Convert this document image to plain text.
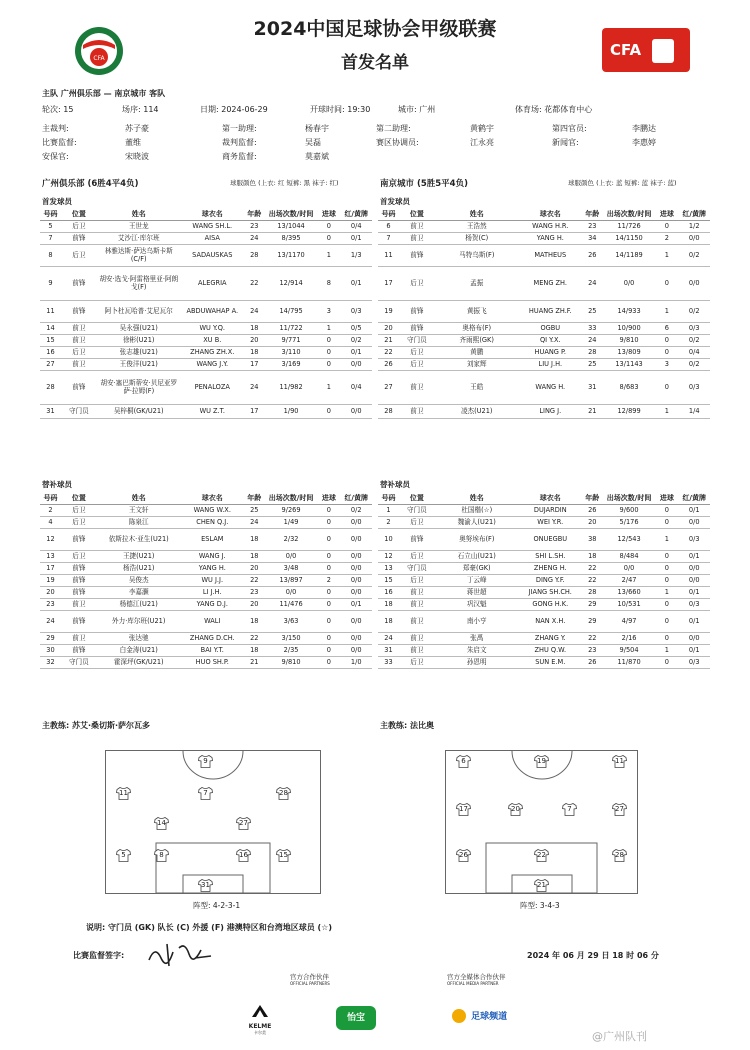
CFA
2024中国足球协会甲级联赛
首发名单
CFA
主队 广州俱乐部 — 南京城市 客队
轮次: 15	场序: 114	日期: 2024-06-29	开球时间: 19:30	城市: 广州	体育场: 花都体育中心
主裁判:	苏子豪	第一助理:	杨春宇	第二助理:	黄鹤宇	第四官员:	李鹏达
比赛监督:	董维	裁判监督:	吴磊	赛区协调员:	江永亮	新闻官:	李惠婷
安保官:	宋晓波	商务监督:	莫嘉斌
广州俱乐部 (6胜4平4负)	球服颜色 (上衣: 红 短裤: 黑 袜子: 红)	南京城市 (5胜5平4负)	球服颜色 (上衣: 蓝 短裤: 蓝 袜子: 蓝)
首发球员	首发球员
号码	位置	姓名	球衣名	年龄	出场次数/时间	进球	红/黄牌
5	后卫	王世龙	WANG SH.L.	23	13/1044	0	0/4
7	前锋	艾沙江·库尔班	AISA	24	8/395	0	0/1
8	后卫	林雅达斯·萨达乌斯卡斯(C/F)	SADAUSKAS	28	13/1170	1	1/3
9	前锋	胡安·选戈·阿雷格里亚·阿朗戈(F)	ALEGRIA	22	12/914	8	0/1
11	前锋	阿卜杜瓦哈普·艾尼瓦尔	ABDUWAHAP A.	24	14/795	3	0/3
14	前卫	吴永强(U21)	WU Y.Q.	18	11/722	1	0/5
15	前卫	徐彬(U21)	XU B.	20	9/771	0	0/2
16	后卫	张志雄(U21)	ZHANG ZH.X.	18	3/110	0	0/1
27	前卫	王俊洋(U21)	WANG J.Y.	17	3/169	0	0/0
28	前锋	胡安·塞巴斯蒂安·贝尼亚罗萨·拉姆(F)	PENALOZA	24	11/982	1	0/4
31	守门员	吴梓桐(GK/U21)	WU Z.T.	17	1/90	0	0/0
号码	位置	姓名	球衣名	年龄	出场次数/时间	进球	红/黄牌
6	前卫	王浩然	WANG H.R.	23	11/726	0	1/2
7	前卫	杨贺(C)	YANG H.	34	14/1150	2	0/0
11	前锋	马特乌斯(F)	MATHEUS	26	14/1189	1	0/2
17	后卫	孟振	MENG ZH.	24	0/0	0	0/0
19	前锋	黄振飞	HUANG ZH.F.	25	14/933	1	0/2
20	前锋	奥格布(F)	OGBU	33	10/900	6	0/3
21	守门员	齐雨熙(GK)	QI Y.X.	24	9/810	0	0/2
22	后卫	黄鹏	HUANG P.	28	13/809	0	0/4
26	后卫	刘家辉	LIU J.H.	25	13/1143	3	0/2
27	前卫	王皓	WANG H.	31	8/683	0	0/3
28	前卫	凌杰(U21)	LING J.	21	12/899	1	1/4
替补球员	替补球员
号码	位置	姓名	球衣名	年龄	出场次数/时间	进球	红/黄牌
2	后卫	王文轩	WANG W.X.	25	9/269	0	0/2
4	后卫	陈泉江	CHEN Q.J.	24	1/49	0	0/0
12	前锋	依斯拉木·亚生(U21)	ESLAM	18	2/32	0	0/0
13	后卫	王捷(U21)	WANG J.	18	0/0	0	0/0
17	前锋	杨浩(U21)	YANG H.	20	3/48	0	0/0
19	前锋	吴俊杰	WU J.J.	22	13/897	2	0/0
20	前锋	李嘉灏	LI J.H.	23	0/0	0	0/0
23	前卫	杨德江(U21)	YANG D.J.	20	11/476	0	0/1
24	前锋	外力·库尔班(U21)	WALI	18	3/63	0	0/0
29	前卫	张达驰	ZHANG D.CH.	22	3/150	0	0/0
30	前锋	白金涛(U21)	BAI Y.T.	18	2/35	0	0/0
32	守门员	霍深坪(GK/U21)	HUO SH.P.	21	9/810	0	1/0
号码	位置	姓名	球衣名	年龄	出场次数/时间	进球	红/黄牌
1	守门员	杜国楷(☆)	DUJARDIN	26	9/600	0	0/1
2	后卫	魏渝人(U21)	WEI Y.R.	20	5/176	0	0/0
10	前锋	奥努埃布(F)	ONUEGBU	38	12/543	1	0/3
12	后卫	石立山(U21)	SHI L.SH.	18	8/484	0	0/1
13	守门员	郑豪(GK)	ZHENG H.	22	0/0	0	0/0
15	后卫	丁云峰	DING Y.F.	22	2/47	0	0/0
16	前卫	蒋世超	JIANG SH.CH.	28	13/660	1	0/1
18	前卫	巩汉魁	GONG H.K.	29	10/531	0	0/3
18	前卫	南小亨	NAN X.H.	29	4/97	0	0/1
24	前卫	张禹	ZHANG Y.	22	2/16	0	0/0
31	前卫	朱启文	ZHU Q.W.	23	9/504	1	0/1
33	后卫	孙恩明	SUN E.M.	26	11/870	0	0/3
主教练: 苏艾·桑切斯·萨尔瓦多	主教练: 法比奥
9
11	7	28
14	27
5	8	16	15
31
6	19	11
17	20	7	27
26	22	28
21
阵型: 4-2-3-1	阵型: 3-4-3
说明: 守门员 (GK) 队长 (C) 外援 (F) 港澳特区和台湾地区球员 (☆)
比赛监督签字:	2024 年 06 月 29 日 18 时 06 分
官方合作伙伴
OFFICIAL PARTNERS
官方全媒体合作伙伴
OFFICIAL MEDIA PARTNER
KELME
卡尔美
怡宝	足球频道
@广州队刊
